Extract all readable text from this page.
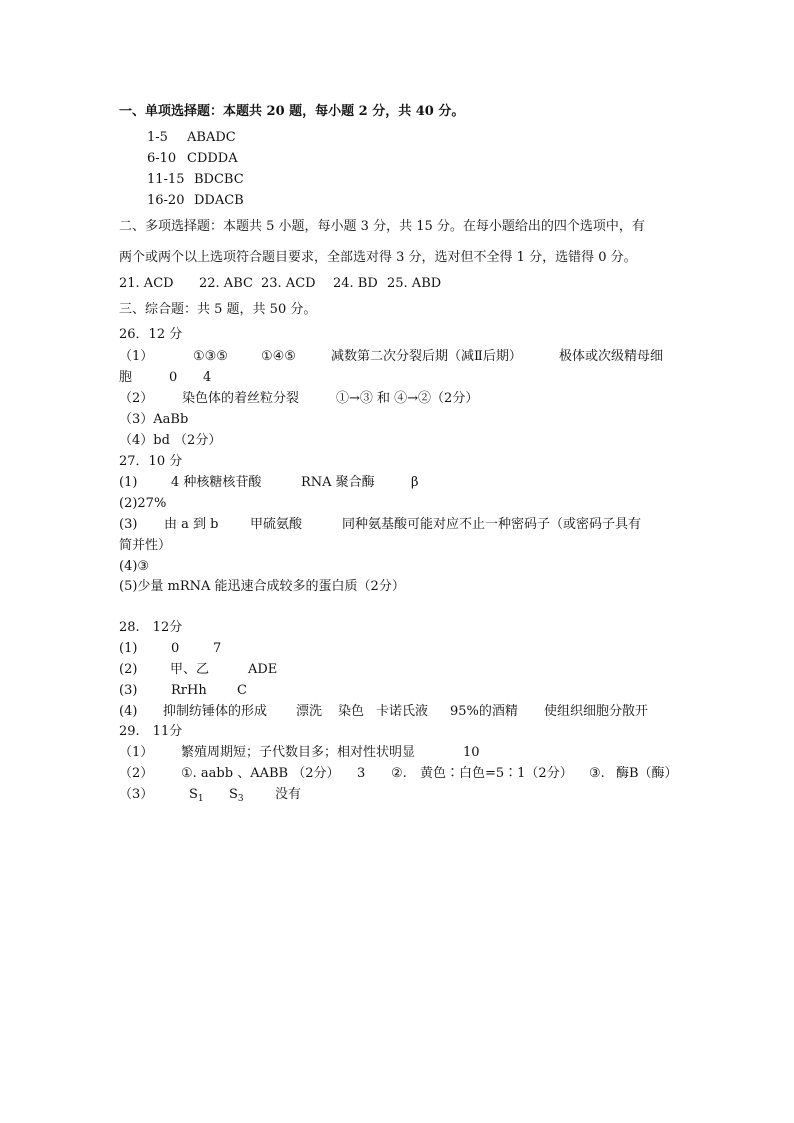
一、单项选择题：本题共 20 题，每小题 2 分，共 40 分。
1-5 ABADC
6-10 CDDDA
11-15 BDCBC
16-20 DDACB
二、多项选择题：本题共 5 小题，每小题 3 分，共 15 分。在每小题给出的四个选项中，有
两个或两个以上选项符合题目要求，全部选对得 3 分，选对但不全得 1 分，选错得 0 分。
21. ACD 22. ABC 23. ACD 24. BD 25. ABD
三、综合题：共 5 题，共 50 分。
26．12 分
（1）	①③⑤	①④⑤	减数第二次分裂后期（减Ⅱ后期）	极体或次级精母细
胞	0 4
（2） 染色体的着丝粒分裂	①→③ 和 ④→②（2分）
（3）AaBb
（4）bd （2分）
27．10 分
(1)	4 种核糖核苷酸	RNA 聚合酶	β
(2)27%
(3) 由 a 到 b 甲硫氨酸	同种氨基酸可能对应不止一种密码子（或密码子具有
简并性）
(4)③
(5)少量 mRNA 能迅速合成较多的蛋白质（2分）
28.　12分
(1)	0	7
(2)	甲、乙	ADE
(3)	RrHh C
(4) 抑制纺锤体的形成 漂洗 染色 卡诺氏液 95%的酒精 使组织细胞分散开
29.　11分
（1） 繁殖周期短；子代数目多；相对性状明显	10
（2） ①. aabb 、AABB （2分） 3 ②. 黄色∶白色=5∶1（2分） ③. 酶B（酶）
（3）	$S_1$ $S_3$ 没有
